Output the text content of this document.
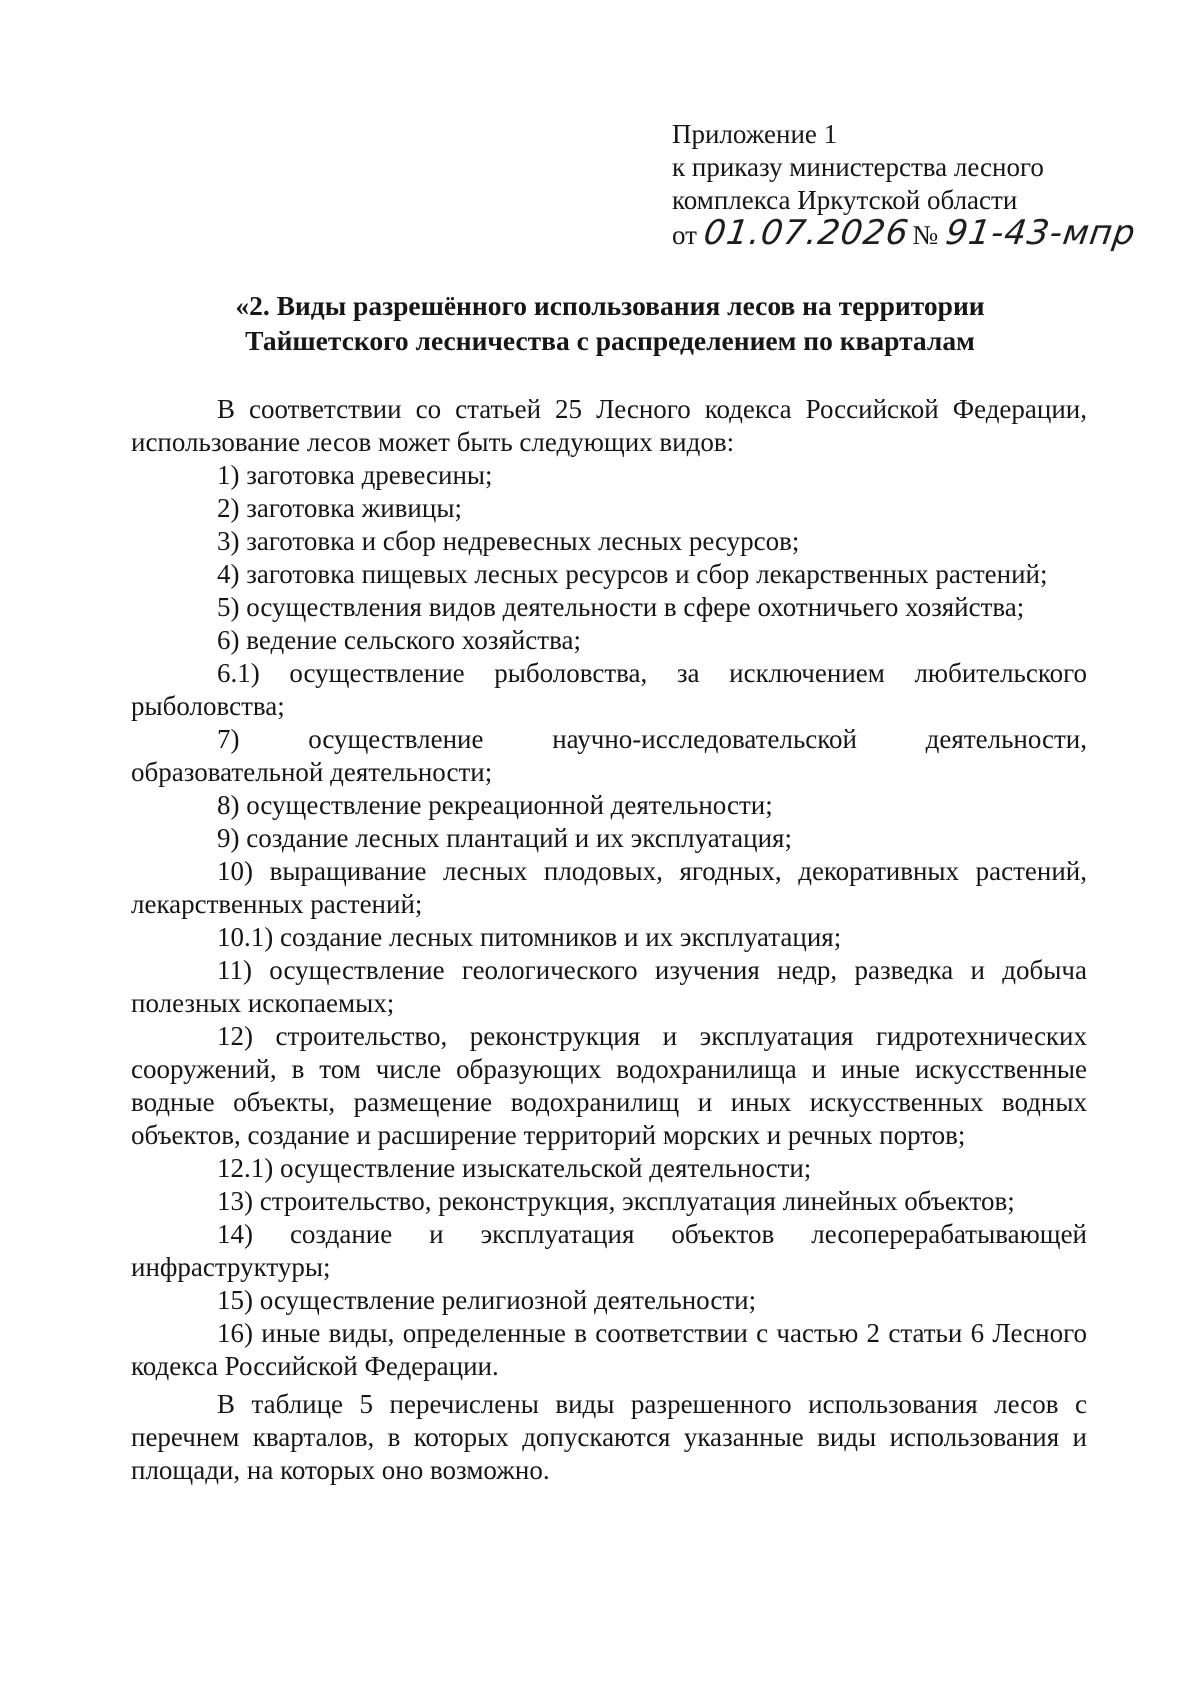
Приложение 1
к приказу министерства лесного
комплекса Иркутской области
от 01.07.2026№ 91-43-мпр
«2. Виды разрешённого использования лесов на территории
Тайшетского лесничества с распределением по кварталам

В соответствии со статьей 25 Лесного кодекса Российской Федерации, использование лесов может быть следующих видов:

1) заготовка древесины;

2) заготовка живицы;

3) заготовка и сбор недревесных лесных ресурсов;

4) заготовка пищевых лесных ресурсов и сбор лекарственных растений;

5) осуществления видов деятельности в сфере охотничьего хозяйства;

6) ведение сельского хозяйства;

6.1) осуществление рыболовства, за исключением любительского рыболовства;

7) осуществление научно-исследовательской деятельности, образовательной деятельности;

8) осуществление рекреационной деятельности;

9) создание лесных плантаций и их эксплуатация;

10) выращивание лесных плодовых, ягодных, декоративных растений, лекарственных растений;

10.1) создание лесных питомников и их эксплуатация;

11) осуществление геологического изучения недр, разведка и добыча полезных ископаемых;

12) строительство, реконструкция и эксплуатация гидротехнических сооружений, в том числе образующих водохранилища и иные искусственные водные объекты, размещение водохранилищ и иных искусственных водных объектов, создание и расширение территорий морских и речных портов;

12.1) осуществление изыскательской деятельности;

13) строительство, реконструкция, эксплуатация линейных объектов;

14) создание и эксплуатация объектов лесоперерабатывающей инфраструктуры;

15) осуществление религиозной деятельности;

16) иные виды, определенные в соответствии с частью 2 статьи 6 Лесного кодекса Российской Федерации.

В таблице 5 перечислены виды разрешенного использования лесов с перечнем кварталов, в которых допускаются указанные виды использования и площади, на которых оно возможно.
